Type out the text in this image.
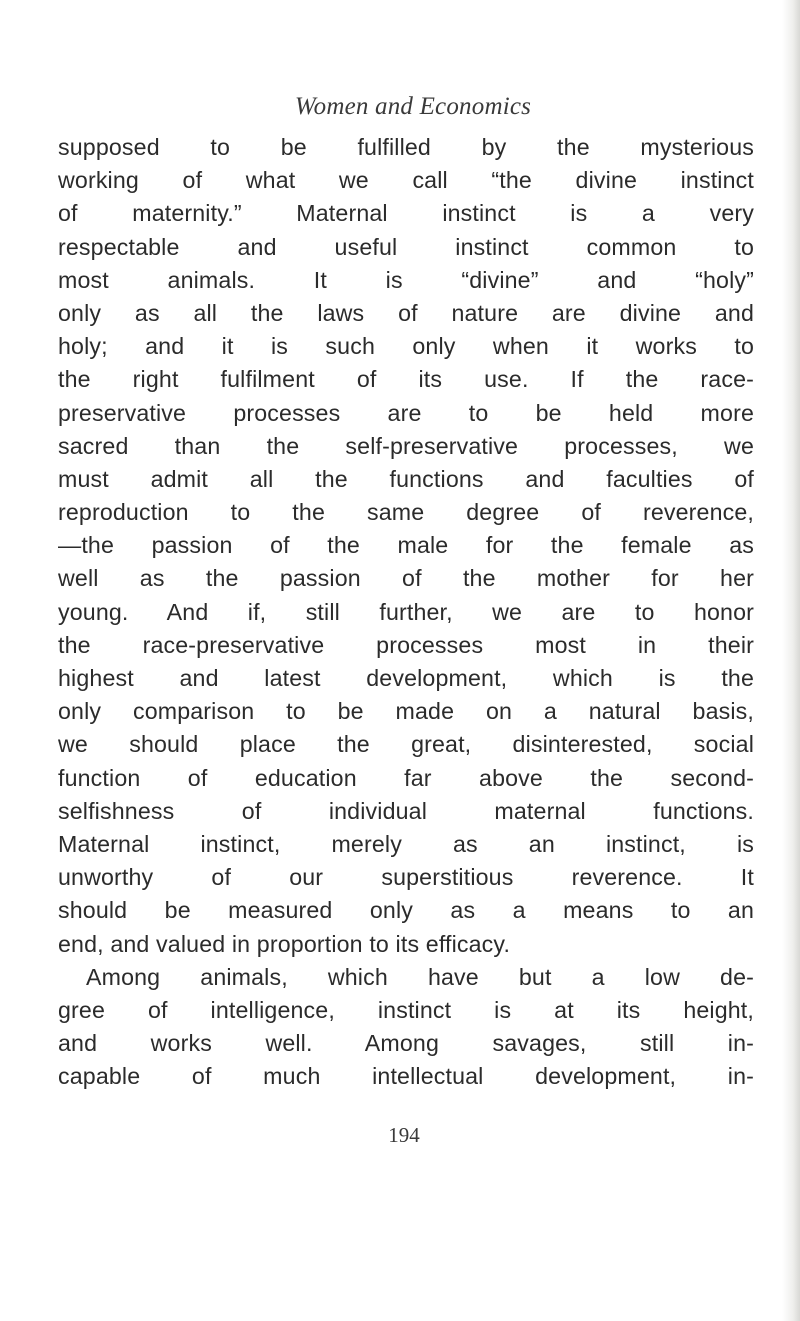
Women and Economics
supposed to be fulfilled by the mysterious
working of what we call “the divine instinct
of maternity.” Maternal instinct is a very
respectable and useful instinct common to
most animals. It is “divine” and “holy”
only as all the laws of nature are divine and
holy; and it is such only when it works to
the right fulfilment of its use. If the race-
preservative processes are to be held more
sacred than the self-preservative processes, we
must admit all the functions and faculties of
reproduction to the same degree of reverence,
—the passion of the male for the female as
well as the passion of the mother for her
young. And if, still further, we are to honor
the race-preservative processes most in their
highest and latest development, which is the
only comparison to be made on a natural basis,
we should place the great, disinterested, social
function of education far above the second-
selfishness of individual maternal functions.
Maternal instinct, merely as an instinct, is
unworthy of our superstitious reverence. It
should be measured only as a means to an
end, and valued in proportion to its efficacy.
Among animals, which have but a low de-
gree of intelligence, instinct is at its height,
and works well. Among savages, still in-
capable of much intellectual development, in-
194
